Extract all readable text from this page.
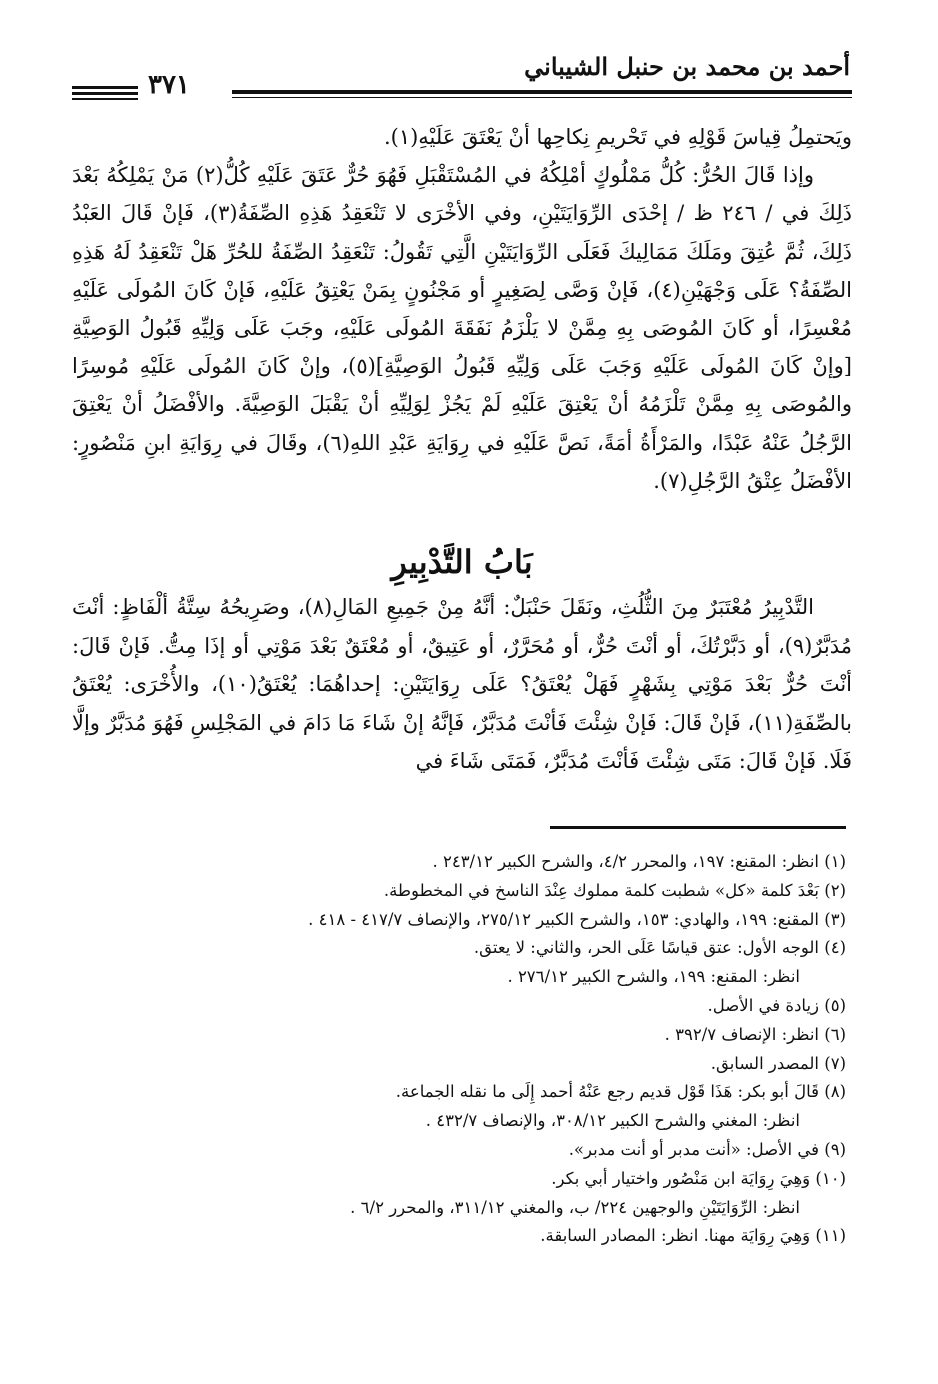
أحمد بن محمد بن حنبل الشيباني
٣٧١

ويَحتمِلُ قِياسَ قَوْلِهِ في تَحْريمِ نِكاحِها أنْ يَعْتَقَ عَلَيْهِ(١).

وإذا قَالَ الحُرُّ: كُلُّ مَمْلُوكٍ أمْلِكُهُ في المُسْتَقْبَلِ فَهُوَ حُرٌّ عَتَقَ عَلَيْهِ كُلُّ(٢) مَنْ يَمْلِكُهُ بَعْدَ ذَلِكَ في / ٢٤٦ ظ / إحْدَى الرِّوَايَتَيْنِ، وفي الأخْرَى لا تَنْعَقِدُ هَذِهِ الصِّفَةُ(٣)، فَإنْ قَالَ العَبْدُ ذَلِكَ، ثُمَّ عُتِقَ ومَلَكَ مَمَالِيكَ فَعَلَى الرِّوَايَتَيْنِ الَّتِي تَقُولُ: تَنْعَقِدُ الصِّفَةُ للحُرِّ هَلْ تَنْعَقِدُ لَهُ هَذِهِ الصِّفَةُ؟ عَلَى وَجْهَيْنِ(٤)، فَإنْ وَصَّى لِصَغِيرٍ أو مَجْنُونٍ بِمَنْ يَعْتِقُ عَلَيْهِ، فَإنْ كَانَ المُولَى عَلَيْهِ مُعْسِرًا، أو كَانَ المُوصَى بِهِ مِمَّنْ لا يَلْزَمُ نَفَقَةَ المُولَى عَلَيْهِ، وجَبَ عَلَى وَلِيِّهِ قَبُولُ الوَصِيَّةِ [وإنْ كَانَ المُولَى عَلَيْهِ وَجَبَ عَلَى وَلِيِّهِ قَبُولُ الوَصِيَّةِ](٥)، وإنْ كَانَ المُولَى عَلَيْهِ مُوسِرًا والمُوصَى بِهِ مِمَّنْ تَلْزَمُهُ أنْ يَعْتِقَ عَلَيْهِ لَمْ يَجُزْ لِوَلِيِّهِ أنْ يَقْبَلَ الوَصِيَّةَ. والأفْضَلُ أنْ يَعْتِقَ الرَّجُلُ عَنْهُ عَبْدًا، والمَرْأَةُ أمَةً، نَصَّ عَلَيْهِ في رِوَايَةِ عَبْدِ اللهِ(٦)، وقَالَ في رِوَايَةِ ابنِ مَنْصُورٍ: الأفْضَلُ عِتْقُ الرَّجُلِ(٧).

بَابُ التَّدْبِيرِ

التَّدْبِيرُ مُعْتَبَرٌ مِنَ الثُّلُثِ، ونَقَلَ حَنْبَلٌ: أنَّهُ مِنْ جَمِيعِ المَالِ(٨)، وصَرِيحُهُ سِتَّةُ ألْفَاظٍ: أنْتَ مُدَبَّرٌ(٩)، أو دَبَّرْتُكَ، أو أنْتَ حُرٌّ، أو مُحَرَّرٌ، أو عَتِيقٌ، أو مُعْتَقٌ بَعْدَ مَوْتِي أو إذَا مِتُّ. فَإنْ قَالَ: أنْتَ حُرٌّ بَعْدَ مَوْتِي بِشَهْرٍ فَهَلْ يُعْتَقُ؟ عَلَى رِوَايَتَيْنِ: إحداهُمَا: يُعْتَقُ(١٠)، والأُخْرَى: يُعْتَقُ بالصِّفَةِ(١١)، فَإنْ قَالَ: فَإنْ شِئْتَ فَأنْتَ مُدَبَّرٌ، فَإنَّهُ إنْ شَاءَ مَا دَامَ في المَجْلِسِ فَهُوَ مُدَبَّرٌ وإلَّا فَلَا. فَإنْ قَالَ: مَتَى شِئْتَ فَأنْتَ مُدَبَّرٌ، فَمَتَى شَاءَ في

(١) انظر: المقنع: ١٩٧، والمحرر ٤/٢، والشرح الكبير ٢٤٣/١٢ .
(٢) بَعْدَ كلمة «كل» شطبت كلمة مملوك عِنْدَ الناسخ في المخطوطة.
(٣) المقنع: ١٩٩، والهادي: ١٥٣، والشرح الكبير ٢٧٥/١٢، والإنصاف ٤١٧/٧ - ٤١٨ .
(٤) الوجه الأول: عتق قياسًا عَلَى الحر، والثاني: لا يعتق.
انظر: المقنع: ١٩٩، والشرح الكبير ٢٧٦/١٢ .
(٥) زيادة في الأصل.
(٦) انظر: الإنصاف ٣٩٢/٧ .
(٧) المصدر السابق.
(٨) قَالَ أبو بكر: هَذَا قَوْل قديم رجع عَنْهُ أحمد إِلَى ما نقله الجماعة.
انظر: المغني والشرح الكبير ٣٠٨/١٢، والإنصاف ٤٣٢/٧ .
(٩) في الأصل: «أنت مدبر أو أنت مدبر».
(١٠) وَهِيَ رِوَايَة ابن مَنْصُور واختيار أبي بكر.
انظر: الرِّوَايَتَيْنِ والوجهين ٢٢٤/ ب، والمغني ٣١١/١٢، والمحرر ٦/٢ .
(١١) وَهِيَ رِوَايَة مهنا. انظر: المصادر السابقة.
